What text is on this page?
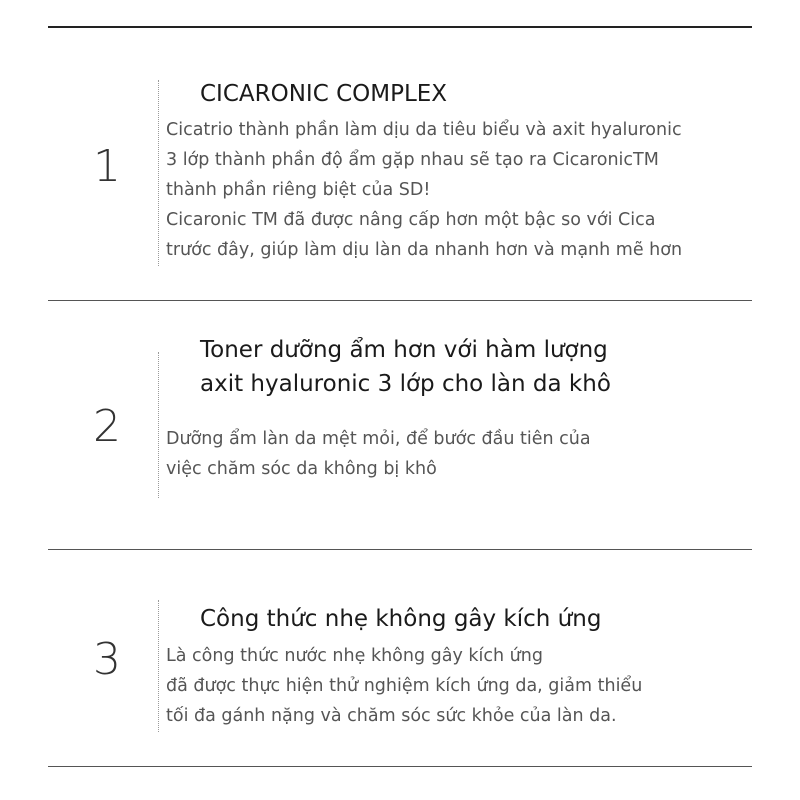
1
CICARONIC COMPLEX
Cicatrio thành phần làm dịu da tiêu biểu và axit hyaluronic
3 lớp thành phần độ ẩm gặp nhau sẽ tạo ra CicaronicTM
thành phần riêng biệt của SD!
Cicaronic TM đã được nâng cấp hơn một bậc so với Cica
trước đây, giúp làm dịu làn da nhanh hơn và mạnh mẽ hơn
2
Toner dưỡng ẩm hơn với hàm lượng
axit hyaluronic 3 lớp cho làn da khô
Dưỡng ẩm làn da mệt mỏi, để bước đầu tiên của
việc chăm sóc da không bị khô
3
Công thức nhẹ không gây kích ứng
Là công thức nước nhẹ không gây kích ứng
đã được thực hiện thử nghiệm kích ứng da, giảm thiểu
tối đa gánh nặng và chăm sóc sức khỏe của làn da.
